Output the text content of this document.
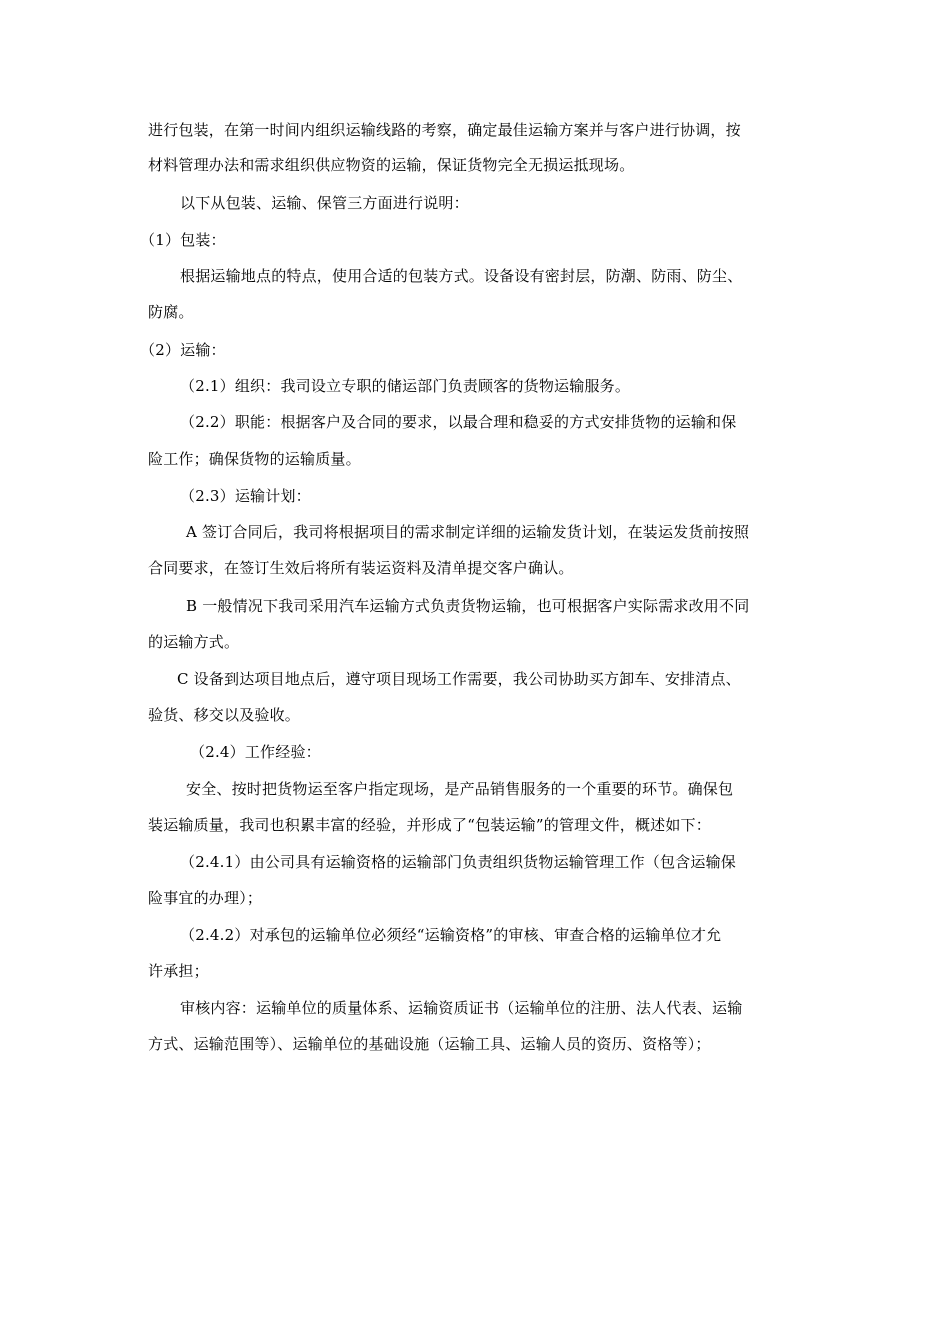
进行包装，在第一时间内组织运输线路的考察，确定最佳运输方案并与客户进行协调，按
材料管理办法和需求组织供应物资的运输，保证货物完全无损运抵现场。
以下从包装、运输、保管三方面进行说明：
（1）包装：
根据运输地点的特点，使用合适的包装方式。设备设有密封层，防潮、防雨、防尘、
防腐。
（2）运输：
（2.1）组织：我司设立专职的储运部门负责顾客的货物运输服务。
（2.2）职能：根据客户及合同的要求，以最合理和稳妥的方式安排货物的运输和保
险工作；确保货物的运输质量。
（2.3）运输计划：
A 签订合同后，我司将根据项目的需求制定详细的运输发货计划，在装运发货前按照
合同要求，在签订生效后将所有装运资料及清单提交客户确认。
B 一般情况下我司采用汽车运输方式负责货物运输，也可根据客户实际需求改用不同
的运输方式。
C 设备到达项目地点后，遵守项目现场工作需要，我公司协助买方卸车、安排清点、
验货、移交以及验收。
（2.4）工作经验：
安全、按时把货物运至客户指定现场，是产品销售服务的一个重要的环节。确保包
装运输质量，我司也积累丰富的经验，并形成了“包装运输”的管理文件，概述如下：
（2.4.1）由公司具有运输资格的运输部门负责组织货物运输管理工作（包含运输保
险事宜的办理）；
（2.4.2）对承包的运输单位必须经“运输资格”的审核、审查合格的运输单位才允
许承担；
审核内容：运输单位的质量体系、运输资质证书（运输单位的注册、法人代表、运输
方式、运输范围等）、运输单位的基础设施（运输工具、运输人员的资历、资格等）；
